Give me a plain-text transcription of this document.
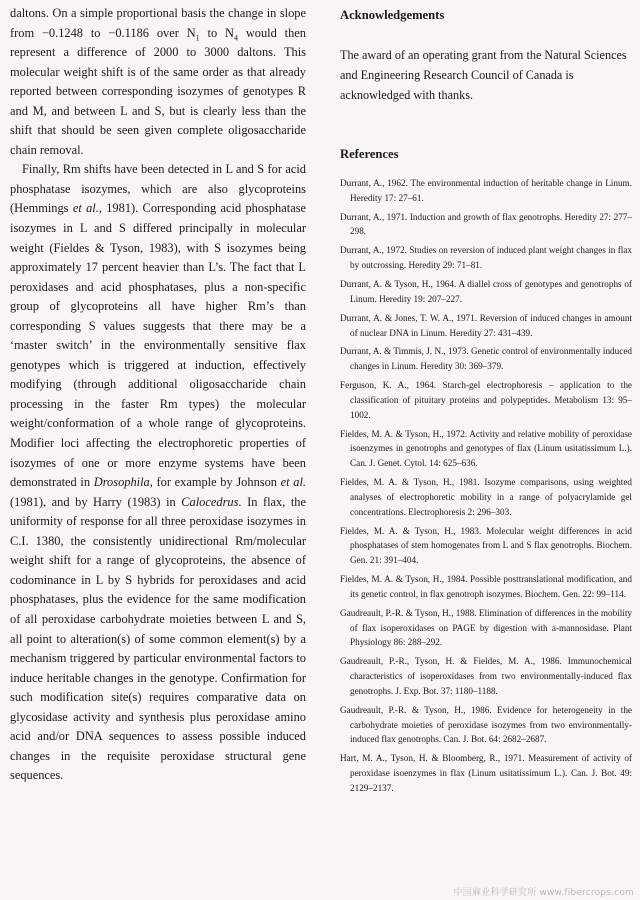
daltons. On a simple proportional basis the change in slope from −0.1248 to −0.1186 over $N_1$ to $N_4$ would then represent a difference of 2000 to 3000 daltons. This molecular weight shift is of the same order as that already reported between corresponding isozymes of genotypes R and M, and between L and S, but is clearly less than the shift that should be seen given complete oligosaccharide chain removal.

Finally, Rm shifts have been detected in L and S for acid phosphatase isozymes, which are also glycoproteins (Hemmings et al., 1981). Corresponding acid phosphatase isozymes in L and S differed principally in molecular weight (Fieldes & Tyson, 1983), with S isozymes being approximately 17 percent heavier than L’s. The fact that L peroxidases and acid phosphatases, plus a non-specific group of glycoproteins all have higher Rm’s than corresponding S values suggests that there may be a ‘master switch’ in the environmentally sensitive flax genotypes which is triggered at induction, effectively modifying (through additional oligosaccharide chain processing in the faster Rm types) the molecular weight/conformation of a whole range of glycoproteins. Modifier loci affecting the electrophoretic properties of isozymes of one or more enzyme systems have been demonstrated in Drosophila, for example by Johnson et al. (1981), and by Harry (1983) in Calocedrus. In flax, the uniformity of response for all three peroxidase isozymes in C.I. 1380, the consistently unidirectional Rm/molecular weight shift for a range of glycoproteins, the absence of codominance in L by S hybrids for peroxidases and acid phosphatases, plus the evidence for the same modification of all peroxidase carbohydrate moieties between L and S, all point to alteration(s) of some common element(s) by a mechanism triggered by particular environmental factors to induce heritable changes in the genotype. Confirmation for such modification site(s) requires comparative data on glycosidase activity and synthesis plus peroxidase amino acid and/or DNA sequences to assess possible induced changes in the requisite peroxidase structural gene sequences.

Acknowledgements

The award of an operating grant from the Natural Sciences and Engineering Research Council of Canada is acknowledged with thanks.

References
Durrant, A., 1962. The environmental induction of heritable change in Linum. Heredity 17: 27–61.
Durrant, A., 1971. Induction and growth of flax genotrophs. Heredity 27: 277–298.
Durrant, A., 1972. Studies on reversion of induced plant weight changes in flax by outcrossing. Heredity 29: 71–81.
Durrant, A. & Tyson, H., 1964. A diallel cross of genotypes and genotrophs of Linum. Heredity 19: 207–227.
Durrant, A. & Jones, T. W. A., 1971. Reversion of induced changes in amount of nuclear DNA in Linum. Heredity 27: 431–439.
Durrant, A. & Timmis, J. N., 1973. Genetic control of environmentally induced changes in Linum. Heredity 30: 369–379.
Ferguson, K. A., 1964. Starch-gel electrophoresis – application to the classification of pituitary proteins and polypeptides. Metabolism 13: 95–1002.
Fieldes, M. A. & Tyson, H., 1972. Activity and relative mobility of peroxidase isoenzymes in genotrophs and genotypes of flax (Linum usitatissimum L.). Can. J. Genet. Cytol. 14: 625–636.
Fieldes, M. A. & Tyson, H., 1981. Isozyme comparisons, using weighted analyses of electrophoretic mobility in a range of polyacrylamide gel concentrations. Electrophoresis 2: 296–303.
Fieldes, M. A. & Tyson, H., 1983. Molecular weight differences in acid phosphatases of stem homogenates from L and S flax genotrophs. Biochem. Gen. 21: 391–404.
Fieldes, M. A. & Tyson, H., 1984. Possible posttranslational modification, and its genetic control, in flax genotroph isozymes. Biochem. Gen. 22: 99–114.
Gaudreault, P.-R. & Tyson, H., 1988. Elimination of differences in the mobility of flax isoperoxidases on PAGE by digestion with a-mannosidase. Plant Physiology 86: 288–292.
Gaudreault, P.-R., Tyson, H. & Fieldes, M. A., 1986. Immunochemical characteristics of isoperoxidases from two environmentally-induced flax genotrophs. J. Exp. Bot. 37: 1180–1188.
Gaudreault, P.-R. & Tyson, H., 1986. Evidence for heterogeneity in the carbohydrate moieties of peroxidase isozymes from two environmentally-induced flax genotrophs. Can. J. Bot. 64: 2682–2687.
Hart, M. A., Tyson, H. & Bloomberg, R., 1971. Measurement of activity of peroxidase isoenzymes in flax (Linum usitatissimum L.). Can. J. Bot. 49: 2129–2137.
中国麻业科学研究所 www.fibercrops.com
